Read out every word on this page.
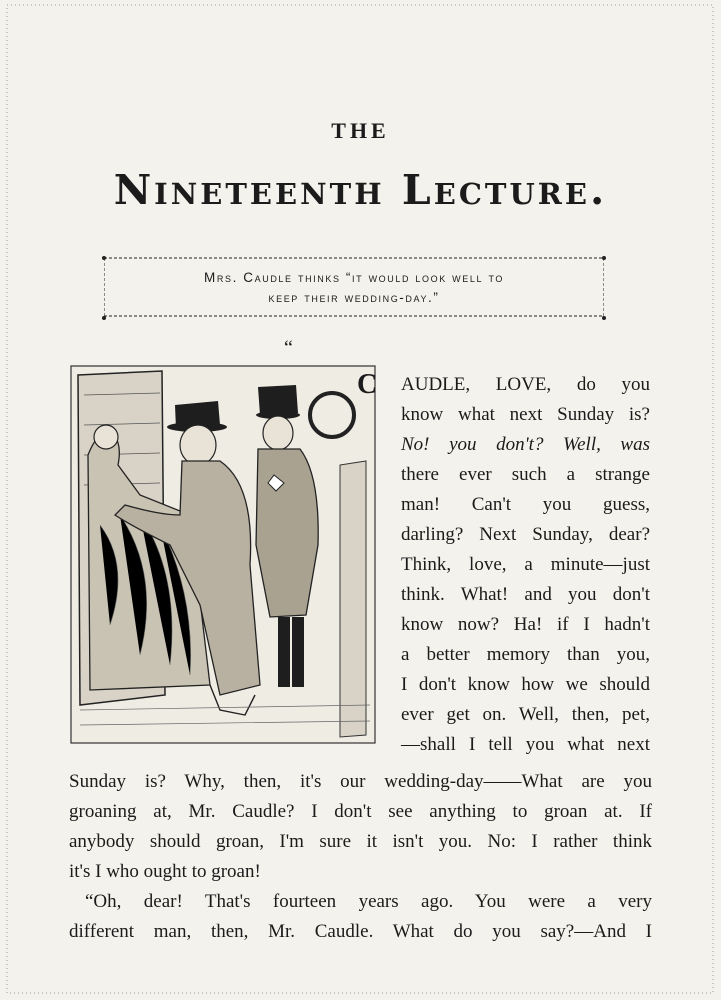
THE
Nineteenth Lecture.
Mrs. Caudle thinks “it would look well to
keep their wedding-day.”
“
C AUDLE, LOVE, do you
know what next Sunday is?
No! you don't? Well, was
there ever such a strange
man! Can't you guess,
darling? Next Sunday, dear?
Think, love, a minute—just
think. What! and you don't
know now? Ha! if I hadn't
a better memory than you,
I don't know how we should
ever get on. Well, then, pet,
—shall I tell you what next
Sunday is? Why, then, it's our wedding-day——What are you
groaning at, Mr. Caudle? I don't see anything to groan at. If
anybody should groan, I'm sure it isn't you. No: I rather think
it's I who ought to groan!
“Oh, dear! That's fourteen years ago. You were a very
different man, then, Mr. Caudle. What do you say?—And I
